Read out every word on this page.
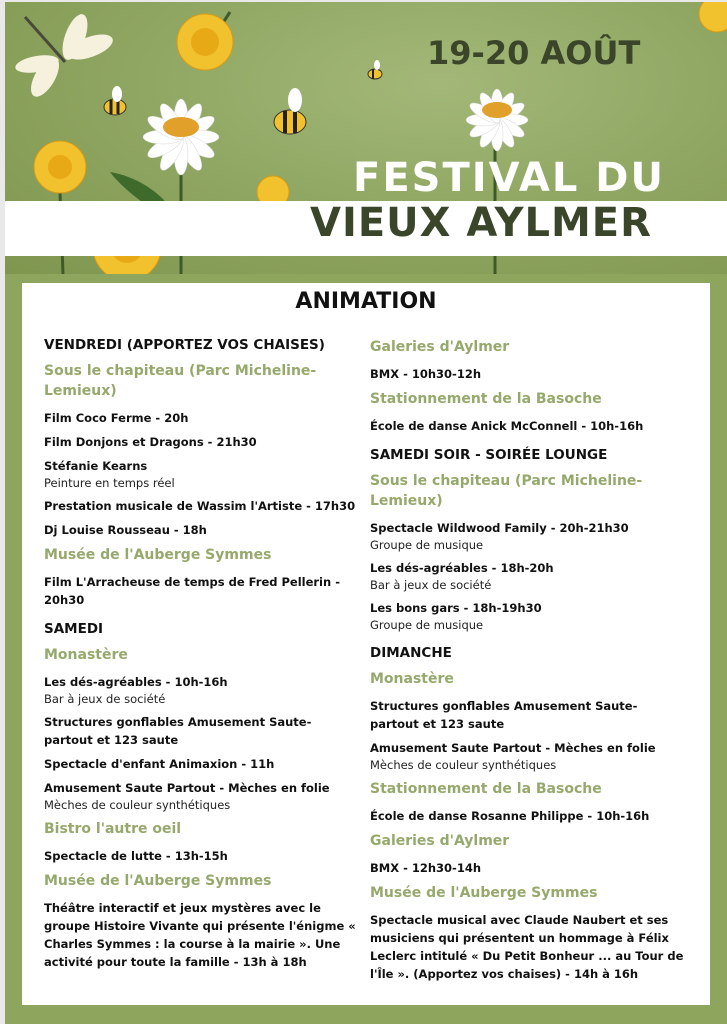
19-20 AOÛT
FESTIVAL DU
VIEUX AYLMER
ANIMATION
VENDREDI (APPORTEZ VOS CHAISES)
Sous le chapiteau (Parc Micheline-Lemieux)
Film Coco Ferme - 20h
Film Donjons et Dragons - 21h30
Stéfanie Kearns
Peinture en temps réel
Prestation musicale de Wassim l'Artiste - 17h30
Dj Louise Rousseau - 18h
Musée de l'Auberge Symmes
Film L'Arracheuse de temps de Fred Pellerin - 20h30
SAMEDI
Monastère
Les dés-agréables - 10h-16h
Bar à jeux de société
Structures gonflables Amusement Saute-partout et 123 saute
Spectacle d'enfant Animaxion - 11h
Amusement Saute Partout - Mèches en folie
Mèches de couleur synthétiques
Bistro l'autre oeil
Spectacle de lutte - 13h-15h
Musée de l'Auberge Symmes
Théâtre interactif et jeux mystères avec le groupe Histoire Vivante qui présente l'énigme « Charles Symmes : la course à la mairie ». Une activité pour toute la famille - 13h à 18h
Galeries d'Aylmer
BMX - 10h30-12h
Stationnement de la Basoche
École de danse Anick McConnell - 10h-16h
SAMEDI SOIR - SOIRÉE LOUNGE
Sous le chapiteau (Parc Micheline-Lemieux)
Spectacle Wildwood Family - 20h-21h30
Groupe de musique
Les dés-agréables - 18h-20h
Bar à jeux de société
Les bons gars - 18h-19h30
Groupe de musique
DIMANCHE
Monastère
Structures gonflables Amusement Saute-partout et 123 saute
Amusement Saute Partout - Mèches en folie
Mèches de couleur synthétiques
Stationnement de la Basoche
École de danse Rosanne Philippe - 10h-16h
Galeries d'Aylmer
BMX - 12h30-14h
Musée de l'Auberge Symmes
Spectacle musical avec Claude Naubert et ses musiciens qui présentent un hommage à Félix Leclerc intitulé « Du Petit Bonheur ... au Tour de l'Île ». (Apportez vos chaises) - 14h à 16h
